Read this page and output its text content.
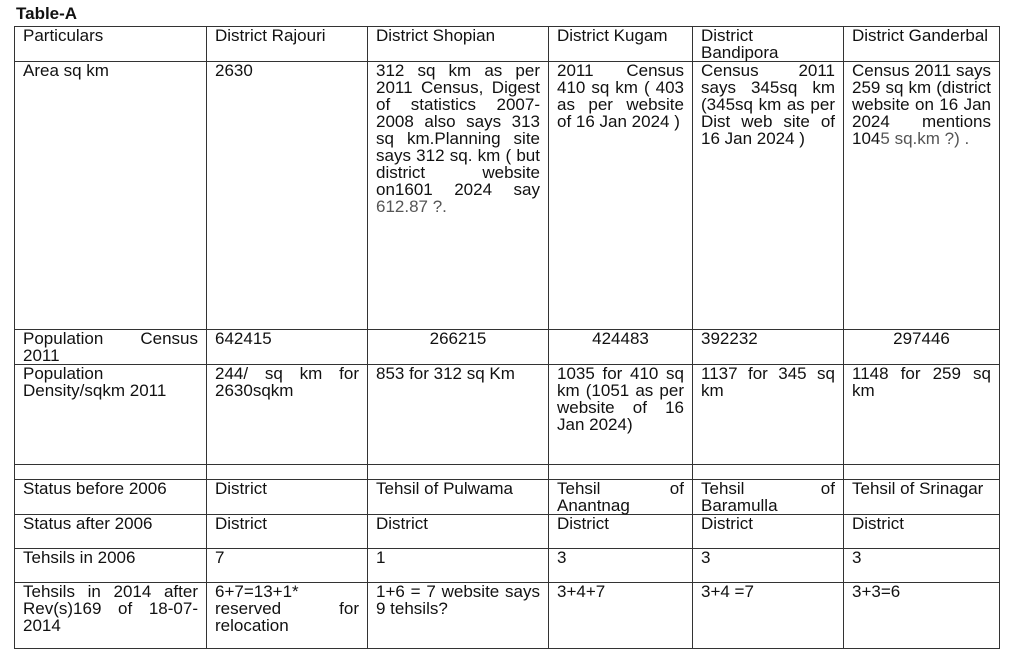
Table-A
Particulars	District Rajouri	District Shopian	District Kugam	District Bandipora	District Ganderbal
Area sq km	2630	312 sq km as per 2011 Census, Digest of statistics 2007-2008 also says 313 sq km.Planning site says 312 sq. km ( but district website on1601 2024 say 612.87 ?.	2011 Census 410 sq km ( 403 as per website of 16 Jan 2024 )	Census 2011 says 345sq km (345sq km as per Dist web site of 16 Jan 2024 )	Census 2011 says 259 sq km (district website on 16 Jan 2024 mentions 1045 sq.km ?) .
Population Census 2011	642415	266215	424483	392232	297446
Population Density/sqkm 2011	244/ sq km for 2630sqkm	853 for 312 sq Km	1035 for 410 sq km (1051 as per website of 16 Jan 2024)	1137 for 345 sq km	1148 for 259 sq km

Status before 2006	District	Tehsil of Pulwama	Tehsil of Anantnag	Tehsil of Baramulla	Tehsil of Srinagar
Status after 2006	District	District	District	District	District
Tehsils in 2006	7	1	3	3	3
Tehsils in 2014 after Rev(s)169 of 18-07-2014	6+7=13+1* reserved for relocation	1+6 = 7 website says 9 tehsils?	3+4+7	3+4 =7	3+3=6
